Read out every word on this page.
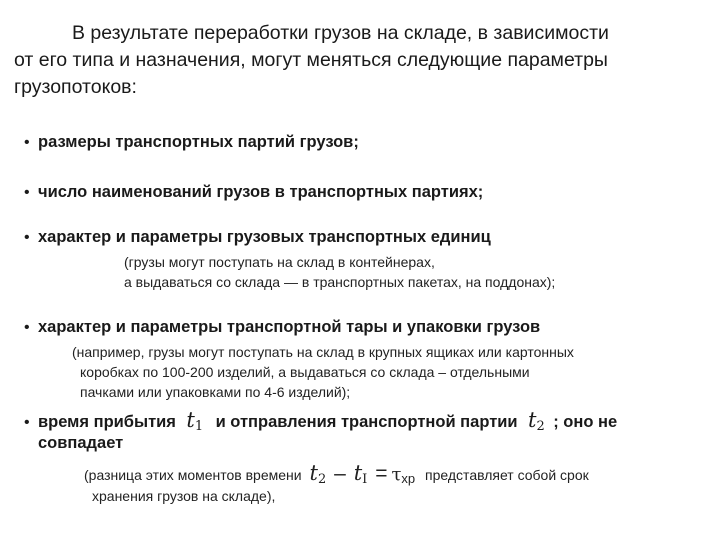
В результате переработки грузов на складе, в зависимости
от его типа и назначения, могут меняться следующие параметры
грузопотоков:
• размеры транспортных партий грузов;
• число наименований грузов в транспортных партиях;
• характер и параметры грузовых транспортных единиц
(грузы могут поступать на склад в контейнерах,
а выдаваться со склада — в транспортных пакетах, на поддонах);
• характер и параметры транспортной тары и упаковки грузов
(например, грузы могут поступать на склад в крупных ящиках или картонных
коробках по 100-200 изделий, а выдаваться со склада – отдельными
пачками или упаковками по 4-6 изделий);
• время прибытия t1 и отправления транспортной партии t2 ; оно не
совпадает
(разница этих моментов времени t2 – tI = τхр представляет собой срок
хранения грузов на складе),
